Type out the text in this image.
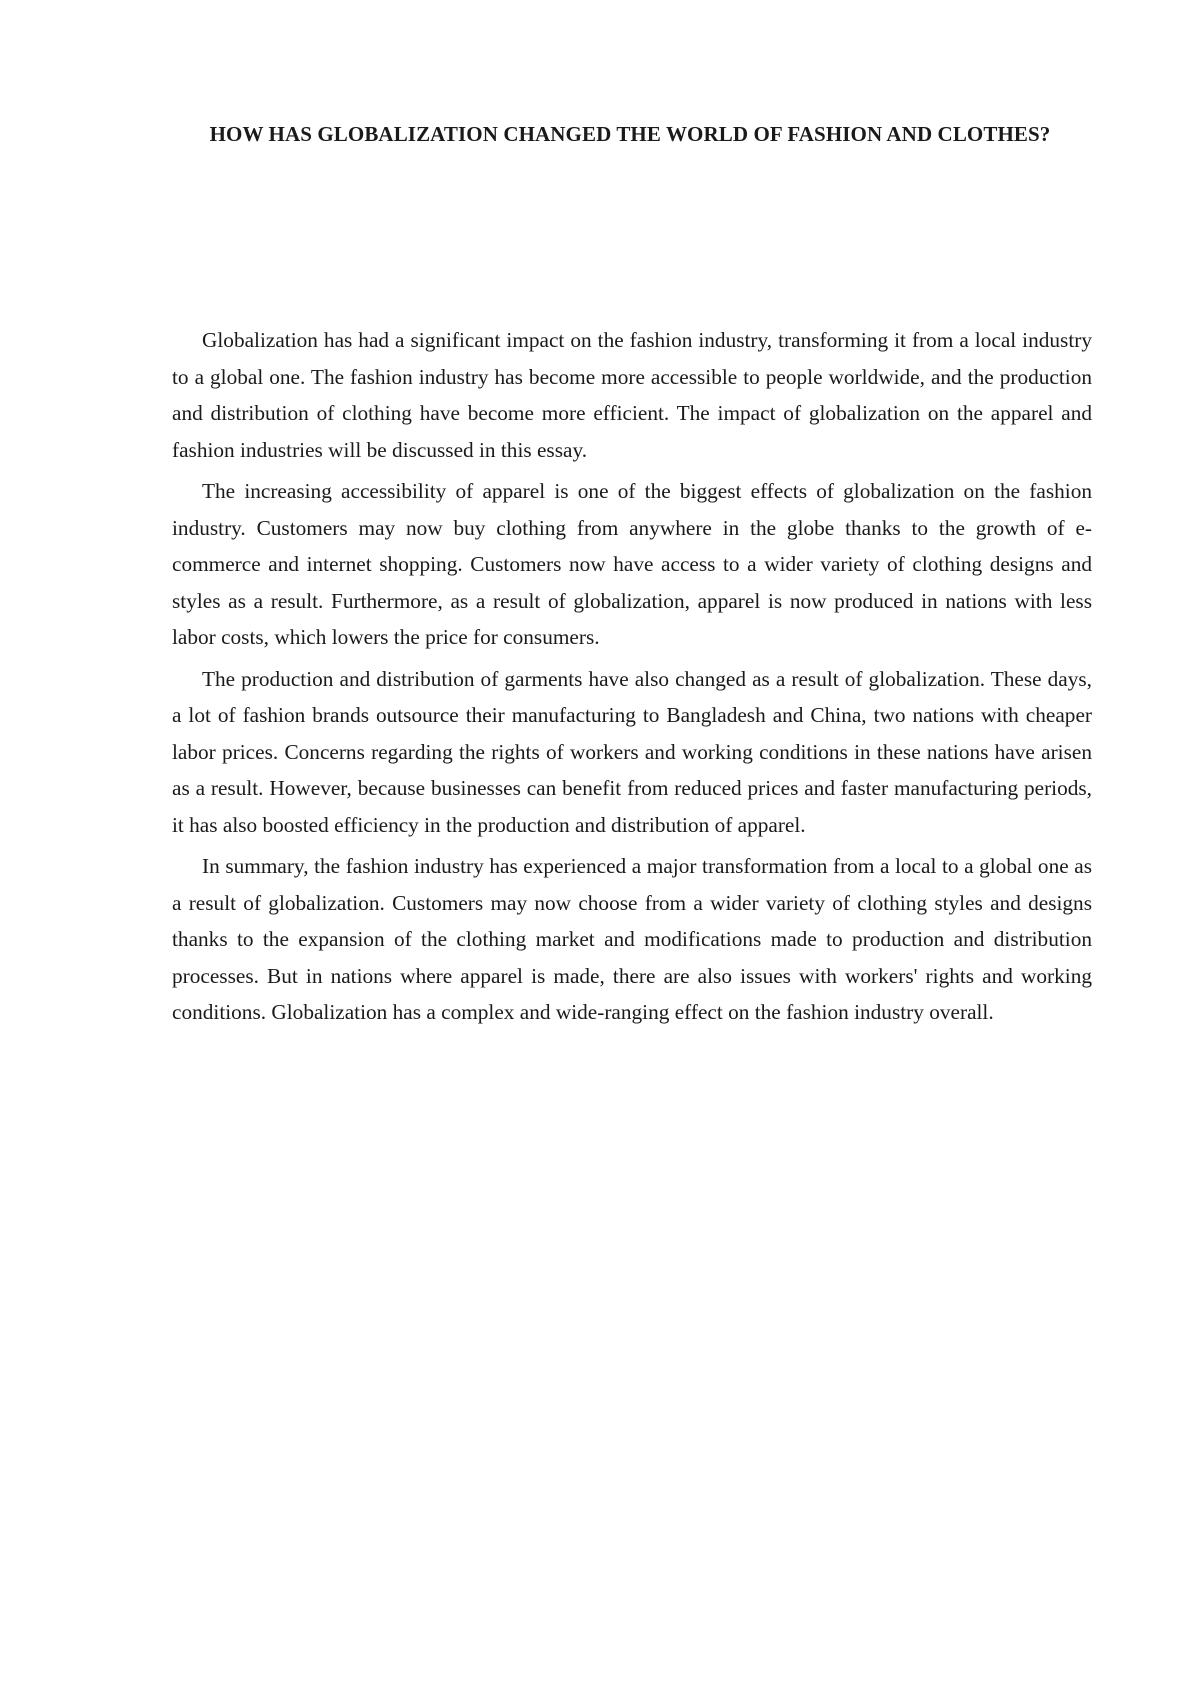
HOW HAS GLOBALIZATION CHANGED THE WORLD OF FASHION AND CLOTHES?

Globalization has had a significant impact on the fashion industry, transforming it from a local industry to a global one. The fashion industry has become more accessible to people worldwide, and the production and distribution of clothing have become more efficient. The impact of globalization on the apparel and fashion industries will be discussed in this essay.

The increasing accessibility of apparel is one of the biggest effects of globalization on the fashion industry. Customers may now buy clothing from anywhere in the globe thanks to the growth of e-commerce and internet shopping. Customers now have access to a wider variety of clothing designs and styles as a result. Furthermore, as a result of globalization, apparel is now produced in nations with less labor costs, which lowers the price for consumers.

The production and distribution of garments have also changed as a result of globalization. These days, a lot of fashion brands outsource their manufacturing to Bangladesh and China, two nations with cheaper labor prices. Concerns regarding the rights of workers and working conditions in these nations have arisen as a result. However, because businesses can benefit from reduced prices and faster manufacturing periods, it has also boosted efficiency in the production and distribution of apparel.

In summary, the fashion industry has experienced a major transformation from a local to a global one as a result of globalization. Customers may now choose from a wider variety of clothing styles and designs thanks to the expansion of the clothing market and modifications made to production and distribution processes. But in nations where apparel is made, there are also issues with workers' rights and working conditions. Globalization has a complex and wide-ranging effect on the fashion industry overall.
